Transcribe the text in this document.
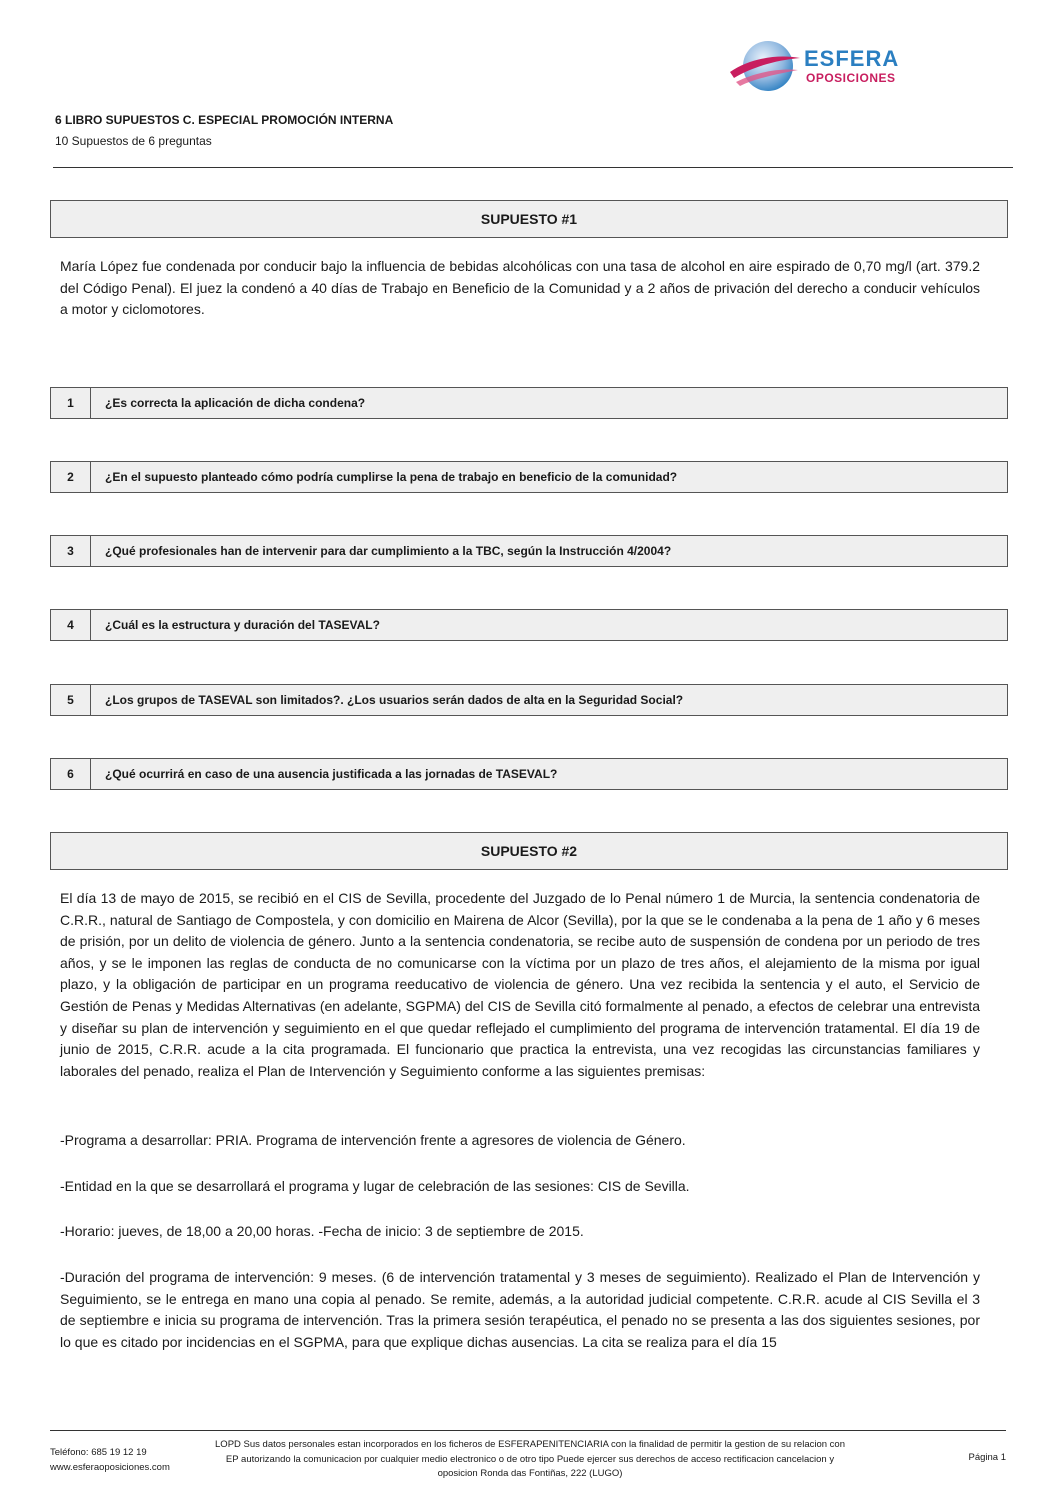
ESFERA
OPOSICIONES
6 LIBRO SUPUESTOS C. ESPECIAL PROMOCIÓN INTERNA
10 Supuestos de 6 preguntas
SUPUESTO #1
María López fue condenada por conducir bajo la influencia de bebidas alcohólicas con una tasa de alcohol en aire espirado de 0,70 mg/l (art. 379.2 del Código Penal). El juez la condenó a 40 días de Trabajo en Beneficio de la Comunidad y a 2 años de privación del derecho a conducir vehículos a motor y ciclomotores.
1	¿Es correcta la aplicación de dicha condena?
2	¿En el supuesto planteado cómo podría cumplirse la pena de trabajo en beneficio de la comunidad?
3	¿Qué profesionales han de intervenir para dar cumplimiento a la TBC, según la Instrucción 4/2004?
4	¿Cuál es la estructura y duración del TASEVAL?
5	¿Los grupos de TASEVAL son limitados?. ¿Los usuarios serán dados de alta en la Seguridad Social?
6	¿Qué ocurrirá en caso de una ausencia justificada a las jornadas de TASEVAL?
SUPUESTO #2
El día 13 de mayo de 2015, se recibió en el CIS de Sevilla, procedente del Juzgado de lo Penal número 1 de Murcia, la sentencia condenatoria de C.R.R., natural de Santiago de Compostela, y con domicilio en Mairena de Alcor (Sevilla), por la que se le condenaba a la pena de 1 año y 6 meses de prisión, por un delito de violencia de género. Junto a la sentencia condenatoria, se recibe auto de suspensión de condena por un periodo de tres años, y se le imponen las reglas de conducta de no comunicarse con la víctima por un plazo de tres años, el alejamiento de la misma por igual plazo, y la obligación de participar en un programa reeducativo de violencia de género. Una vez recibida la sentencia y el auto, el Servicio de Gestión de Penas y Medidas Alternativas (en adelante, SGPMA) del CIS de Sevilla citó formalmente al penado, a efectos de celebrar una entrevista y diseñar su plan de intervención y seguimiento en el que quedar reflejado el cumplimiento del programa de intervención tratamental. El día 19 de junio de 2015, C.R.R. acude a la cita programada. El funcionario que practica la entrevista, una vez recogidas las circunstancias familiares y laborales del penado, realiza el Plan de Intervención y Seguimiento conforme a las siguientes premisas:
-Programa a desarrollar: PRIA. Programa de intervención frente a agresores de violencia de Género.
-Entidad en la que se desarrollará el programa y lugar de celebración de las sesiones: CIS de Sevilla.
-Horario: jueves, de 18,00 a 20,00 horas. -Fecha de inicio: 3 de septiembre de 2015.
-Duración del programa de intervención: 9 meses. (6 de intervención tratamental y 3 meses de seguimiento). Realizado el Plan de Intervención y Seguimiento, se le entrega en mano una copia al penado. Se remite, además, a la autoridad judicial competente. C.R.R. acude al CIS Sevilla el 3 de septiembre e inicia su programa de intervención. Tras la primera sesión terapéutica, el penado no se presenta a las dos siguientes sesiones, por lo que es citado por incidencias en el SGPMA, para que explique dichas ausencias. La cita se realiza para el día 15
Teléfono: 685 19 12 19
www.esferaoposiciones.com
LOPD Sus datos personales estan incorporados en los ficheros de ESFERAPENITENCIARIA con la finalidad de permitir la gestion de su relacion con
EP autorizando la comunicacion por cualquier medio electronico o de otro tipo Puede ejercer sus derechos de acceso rectificacion cancelacion y
oposicion Ronda das Fontiñas, 222 (LUGO)
Página 1
